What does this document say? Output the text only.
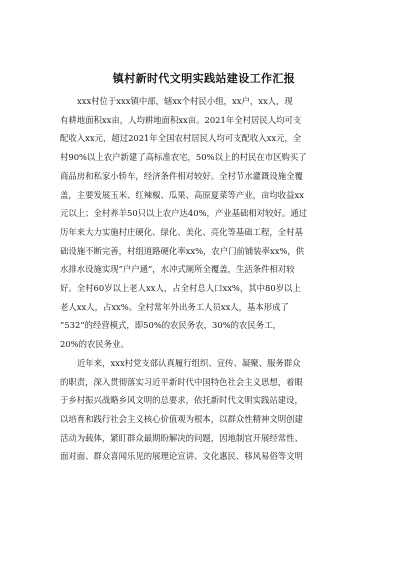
镇村新时代文明实践站建设工作汇报

xxx村位于xxx镇中部，辖xx个村民小组，xx户，xx人，现
有耕地面积xx亩，人均耕地面积xx亩。2021年全村居民人均可支
配收入xx元，超过2021年全国农村居民人均可支配收入xx元，全
村90%以上农户新建了高标准农宅，50%以上的村民在市区购买了
商品房和私家小轿车，经济条件相对较好。全村节水灌溉设施全覆
盖，主要发展玉米、红辣椒、瓜果、高原夏菜等产业，亩均收益xx
元以上；全村养羊50只以上农户达40%，产业基础相对较好。通过
历年来大力实施村庄硬化、绿化、美化、亮化等基础工程，全村基
础设施不断完善，村组道路硬化率xx%，农户门前铺装率xx%，供
水排水设施实现”户户通”，水冲式厕所全覆盖，生活条件相对较
好。全村60岁以上老人xx人，占全村总人口xx%，其中80岁以上
老人xx人，占xx%。全村常年外出务工人员xx人，基本形成了
”532”的经营模式，即50%的农民务农，30%的农民务工，
20%的农民务业。

近年来，xxx村党支部认真履行组织、宣传、凝聚、服务群众
的职责，深入贯彻落实习近平新时代中国特色社会主义思想，着眼
于乡村振兴战略乡风文明的总要求，依托新时代文明实践站建设，
以培育和践行社会主义核心价值观为根本，以群众性精神文明创建
活动为载体，紧盯群众最期盼解决的问题，因地制宜开展经常性、
面对面、群众喜闻乐见的展理论宣讲、文化惠民、移风易俗等文明
